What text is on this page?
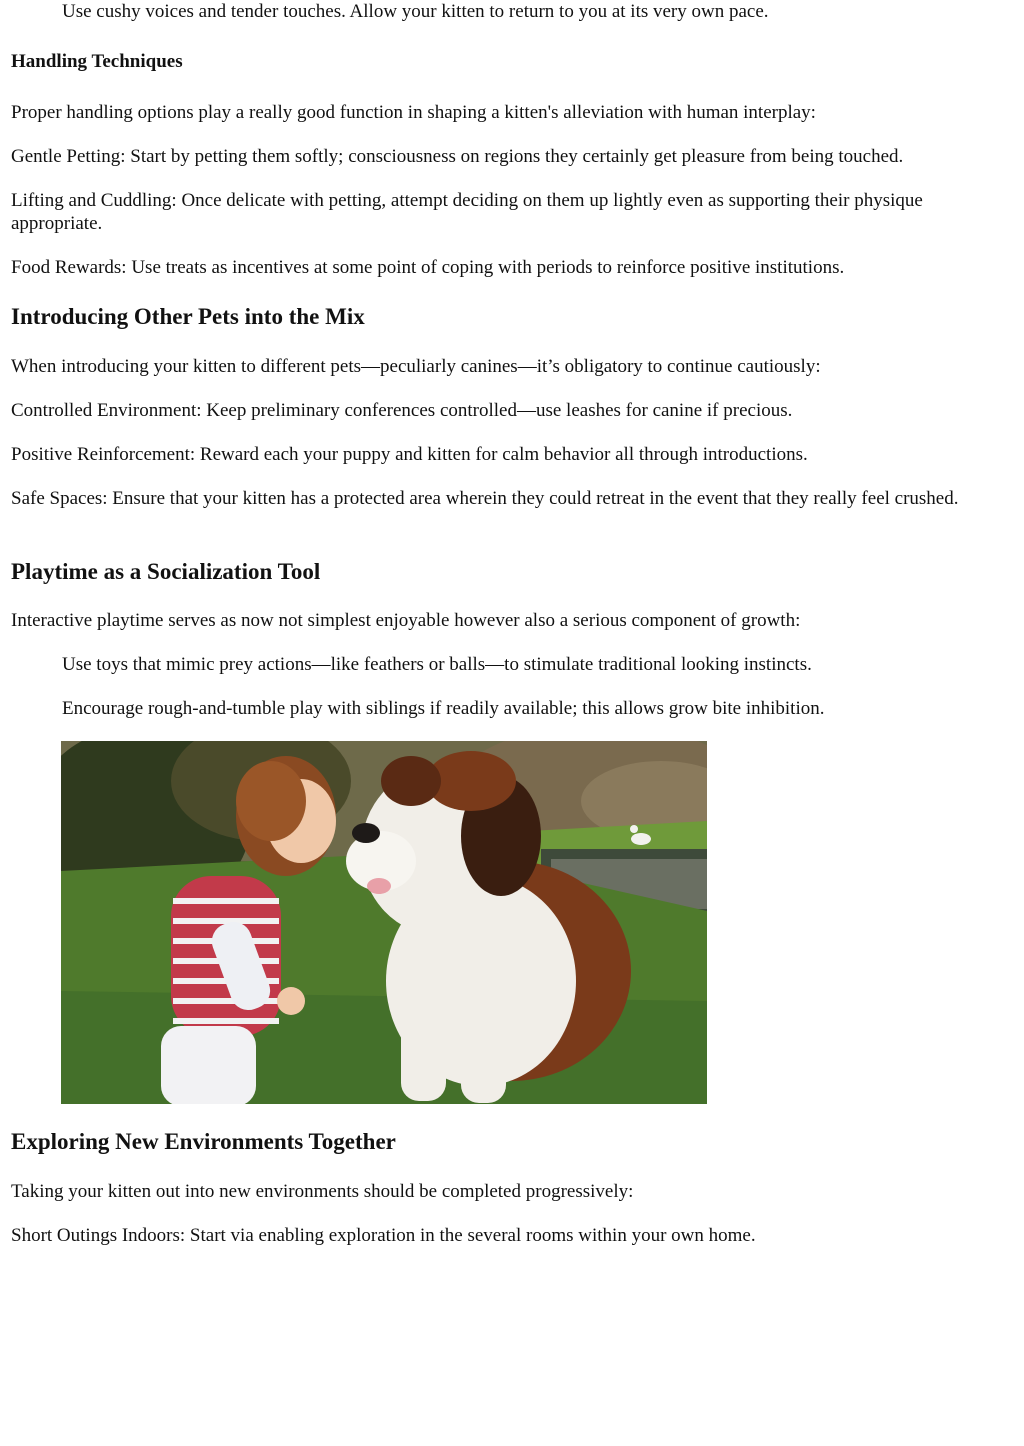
Use cushy voices and tender touches. Allow your kitten to return to you at its very own pace.

Handling Techniques

Proper handling options play a really good function in shaping a kitten's alleviation with human interplay:

Gentle Petting: Start by petting them softly; consciousness on regions they certainly get pleasure from being touched.

Lifting and Cuddling: Once delicate with petting, attempt deciding on them up lightly even as supporting their physique appropriate.

Food Rewards: Use treats as incentives at some point of coping with periods to reinforce positive institutions.

Introducing Other Pets into the Mix

When introducing your kitten to different pets—peculiarly canines—it’s obligatory to continue cautiously:

Controlled Environment: Keep preliminary conferences controlled—use leashes for canine if precious.

Positive Reinforcement: Reward each your puppy and kitten for calm behavior all through introductions.

Safe Spaces: Ensure that your kitten has a protected area wherein they could retreat in the event that they really feel crushed.

Playtime as a Socialization Tool

Interactive playtime serves as now not simplest enjoyable however also a serious component of growth:

Use toys that mimic prey actions—like feathers or balls—to stimulate traditional looking instincts.

Encourage rough-and-tumble play with siblings if readily available; this allows grow bite inhibition.

Exploring New Environments Together

Taking your kitten out into new environments should be completed progressively:

Short Outings Indoors: Start via enabling exploration in the several rooms within your own home.
